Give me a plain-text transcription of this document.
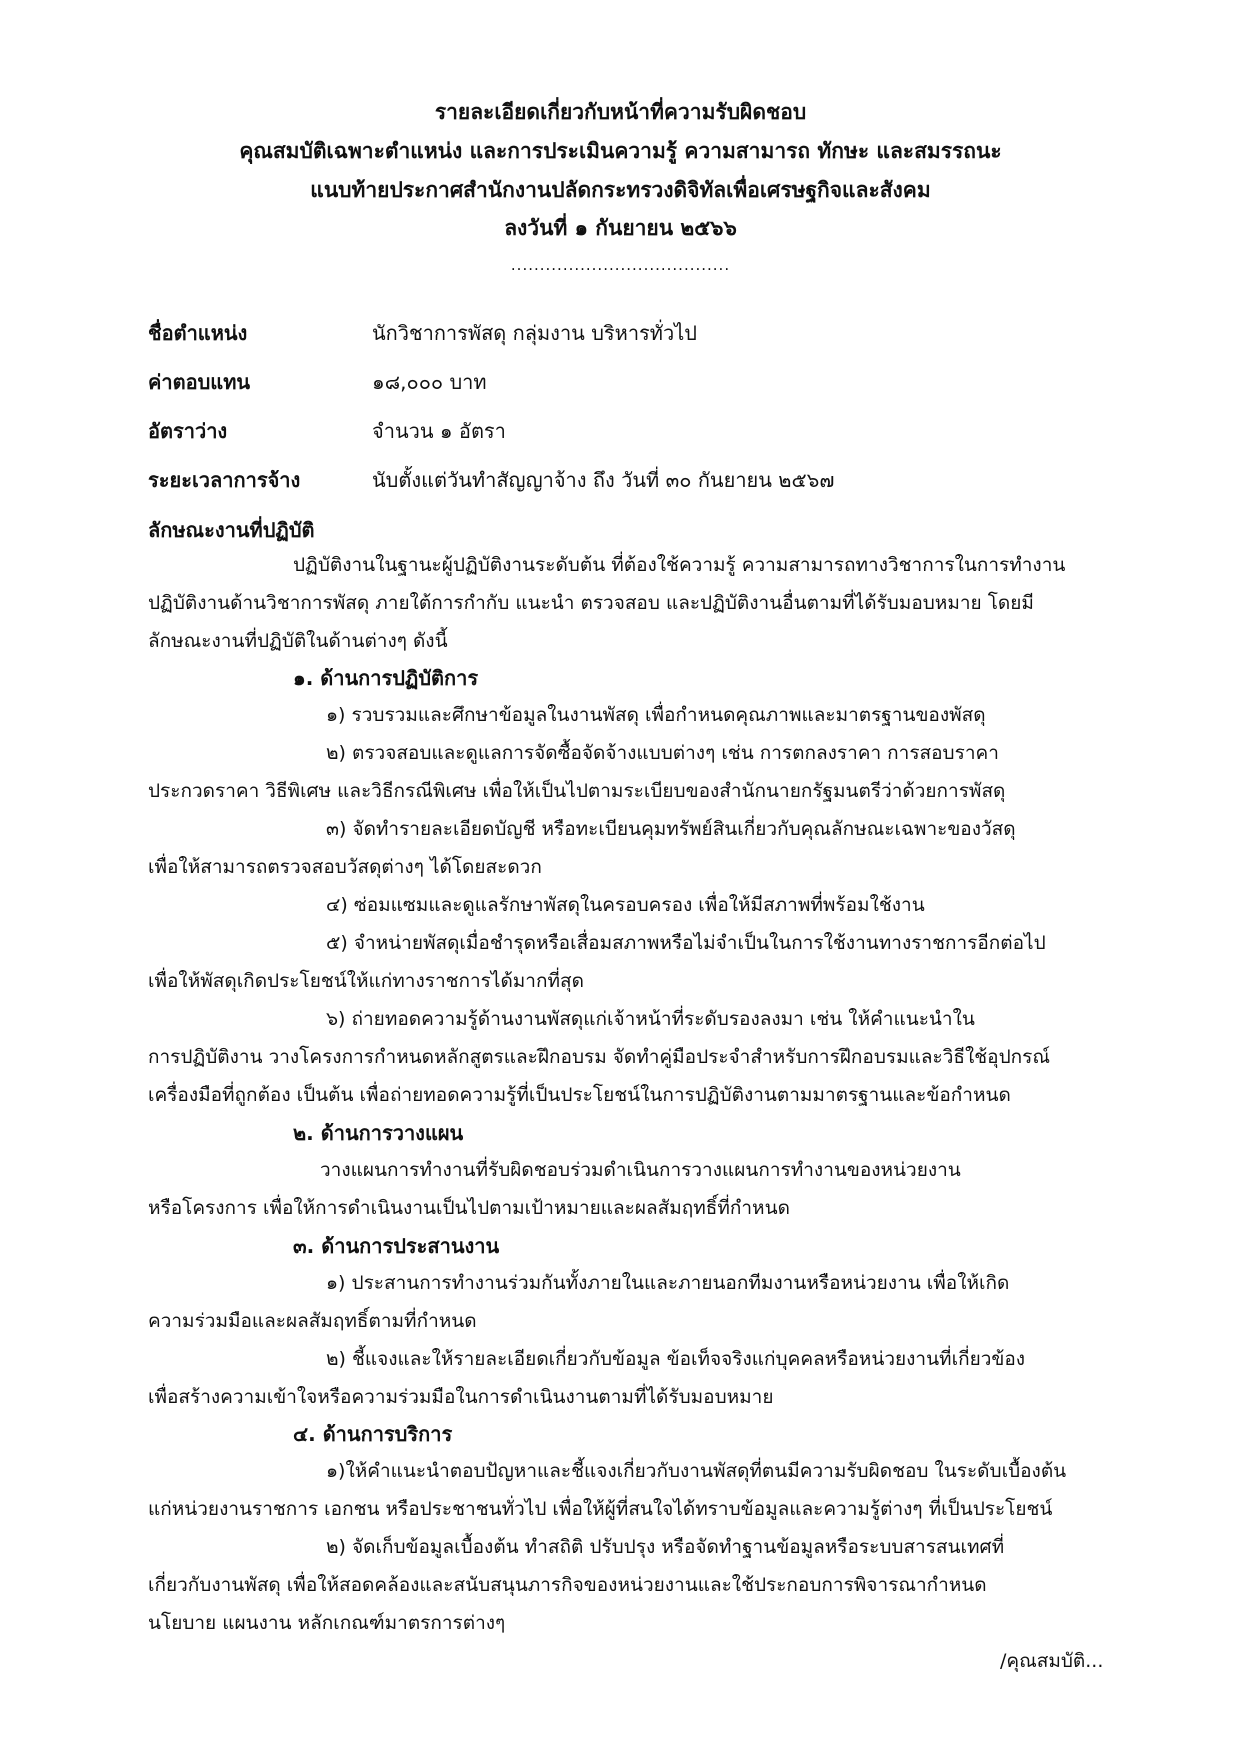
รายละเอียดเกี่ยวกับหน้าที่ความรับผิดชอบ
คุณสมบัติเฉพาะตำแหน่ง และการประเมินความรู้ ความสามารถ ทักษะ และสมรรถนะ
แนบท้ายประกาศสำนักงานปลัดกระทรวงดิจิทัลเพื่อเศรษฐกิจและสังคม
ลงวันที่ ๑ กันยายน ๒๕๖๖
......................................
ชื่อตำแหน่ง	นักวิชาการพัสดุ กลุ่มงาน บริหารทั่วไป
ค่าตอบแทน	๑๘,๐๐๐ บาท
อัตราว่าง	จำนวน ๑ อัตรา
ระยะเวลาการจ้าง	นับตั้งแต่วันทำสัญญาจ้าง ถึง วันที่ ๓๐ กันยายน ๒๕๖๗
ลักษณะงานที่ปฏิบัติ
ปฏิบัติงานในฐานะผู้ปฏิบัติงานระดับต้น ที่ต้องใช้ความรู้ ความสามารถทางวิชาการในการทำงาน
ปฏิบัติงานด้านวิชาการพัสดุ ภายใต้การกำกับ แนะนำ ตรวจสอบ และปฏิบัติงานอื่นตามที่ได้รับมอบหมาย โดยมี
ลักษณะงานที่ปฏิบัติในด้านต่างๆ ดังนี้
๑. ด้านการปฏิบัติการ
๑) รวบรวมและศึกษาข้อมูลในงานพัสดุ เพื่อกำหนดคุณภาพและมาตรฐานของพัสดุ
๒) ตรวจสอบและดูแลการจัดซื้อจัดจ้างแบบต่างๆ เช่น การตกลงราคา การสอบราคา
ประกวดราคา วิธีพิเศษ และวิธีกรณีพิเศษ เพื่อให้เป็นไปตามระเบียบของสำนักนายกรัฐมนตรีว่าด้วยการพัสดุ
๓) จัดทำรายละเอียดบัญชี หรือทะเบียนคุมทรัพย์สินเกี่ยวกับคุณลักษณะเฉพาะของวัสดุ
เพื่อให้สามารถตรวจสอบวัสดุต่างๆ ได้โดยสะดวก
๔) ซ่อมแซมและดูแลรักษาพัสดุในครอบครอง เพื่อให้มีสภาพที่พร้อมใช้งาน
๕) จำหน่ายพัสดุเมื่อชำรุดหรือเสื่อมสภาพหรือไม่จำเป็นในการใช้งานทางราชการอีกต่อไป
เพื่อให้พัสดุเกิดประโยชน์ให้แก่ทางราชการได้มากที่สุด
๖) ถ่ายทอดความรู้ด้านงานพัสดุแก่เจ้าหน้าที่ระดับรองลงมา เช่น ให้คำแนะนำใน
การปฏิบัติงาน วางโครงการกำหนดหลักสูตรและฝึกอบรม จัดทำคู่มือประจำสำหรับการฝึกอบรมและวิธีใช้อุปกรณ์
เครื่องมือที่ถูกต้อง เป็นต้น เพื่อถ่ายทอดความรู้ที่เป็นประโยชน์ในการปฏิบัติงานตามมาตรฐานและข้อกำหนด
๒. ด้านการวางแผน
วางแผนการทำงานที่รับผิดชอบร่วมดำเนินการวางแผนการทำงานของหน่วยงาน
หรือโครงการ เพื่อให้การดำเนินงานเป็นไปตามเป้าหมายและผลสัมฤทธิ์ที่กำหนด
๓. ด้านการประสานงาน
๑) ประสานการทำงานร่วมกันทั้งภายในและภายนอกทีมงานหรือหน่วยงาน เพื่อให้เกิด
ความร่วมมือและผลสัมฤทธิ์ตามที่กำหนด
๒) ชี้แจงและให้รายละเอียดเกี่ยวกับข้อมูล ข้อเท็จจริงแก่บุคคลหรือหน่วยงานที่เกี่ยวข้อง
เพื่อสร้างความเข้าใจหรือความร่วมมือในการดำเนินงานตามที่ได้รับมอบหมาย
๔. ด้านการบริการ
๑)ให้คำแนะนำตอบปัญหาและชี้แจงเกี่ยวกับงานพัสดุที่ตนมีความรับผิดชอบ ในระดับเบื้องต้น
แก่หน่วยงานราชการ เอกชน หรือประชาชนทั่วไป เพื่อให้ผู้ที่สนใจได้ทราบข้อมูลและความรู้ต่างๆ ที่เป็นประโยชน์
๒) จัดเก็บข้อมูลเบื้องต้น ทำสถิติ ปรับปรุง หรือจัดทำฐานข้อมูลหรือระบบสารสนเทศที่
เกี่ยวกับงานพัสดุ เพื่อให้สอดคล้องและสนับสนุนภารกิจของหน่วยงานและใช้ประกอบการพิจารณากำหนด
นโยบาย แผนงาน หลักเกณฑ์มาตรการต่างๆ
/คุณสมบัติ...
